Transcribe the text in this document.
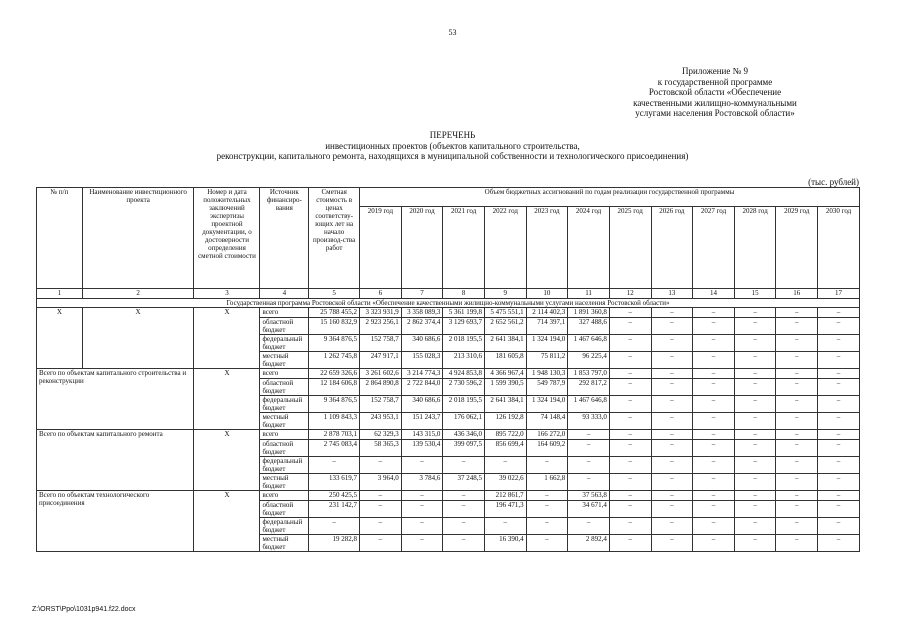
53
Приложение № 9
к государственной программе
Ростовской области «Обеспечение
качественными жилищно-коммунальными
услугами населения Ростовской области»
ПЕРЕЧЕНЬ
инвестиционных проектов (объектов капитального строительства,
реконструкции, капитального ремонта, находящихся в муниципальной собственности и технологического присоединения)
(тыс. рублей)
№ п/п	Наименование инвестиционного проекта	Номер и дата положительных заключений экспертизы проектной документации, о достоверности определения сметной стоимости	Источник финансиро-вания	Сметная стоимость в ценах соответству-ющих лет на начало производ-ства работ	Объем бюджетных ассигнований по годам реализации государственной программы											
					2019 год	2020 год	2021 год	2022 год	2023 год	2024 год	2025 год	2026 год	2027 год	2028 год	2029 год	2030 год
1	2	3	4	5	6	7	8	9	10	11	12	13	14	15	16	17
Государственная программа Ростовской области «Обеспечение качественными жилищно-коммунальными услугами населения Ростовской области»																
Х	Х	Х	всего	25 788 455,2	3 323 931,9	3 358 089,3	5 361 199,8	5 475 551,1	2 114 402,3	1 891 360,8	–	–	–	–	–	–
			областной бюджет	15 160 832,9	2 923 256,1	2 862 374,4	3 129 693,7	2 652 561,2	714 397,1	327 488,6	–	–	–	–	–	–
			федеральный бюджет	9 364 876,5	152 758,7	340 686,6	2 018 195,5	2 641 384,1	1 324 194,0	1 467 646,8	–	–	–	–	–	–
			местный бюджет	1 262 745,8	247 917,1	155 028,3	213 310,6	181 605,8	75 811,2	96 225,4	–	–	–	–	–	–
Всего по объектам капитального строительства и реконструкции		Х	всего	22 659 326,6	3 261 602,6	3 214 774,3	4 924 853,8	4 366 967,4	1 948 130,3	1 853 797,0	–	–	–	–	–	–
			областной бюджет	12 184 606,8	2 864 890,8	2 722 844,0	2 730 596,2	1 599 390,5	549 787,9	292 817,2	–	–	–	–	–	–
			федеральный бюджет	9 364 876,5	152 758,7	340 686,6	2 018 195,5	2 641 384,1	1 324 194,0	1 467 646,8	–	–	–	–	–	–
			местный бюджет	1 109 843,3	243 953,1	151 243,7	176 062,1	126 192,8	74 148,4	93 333,0	–	–	–	–	–	–
Всего по объектам капитального ремонта		Х	всего	2 878 703,1	62 329,3	143 315,0	436 346,0	895 722,0	166 272,0	–	–	–	–	–	–	–
			областной бюджет	2 745 083,4	58 365,3	139 530,4	399 097,5	856 699,4	164 609,2	–	–	–	–	–	–	–
			федеральный бюджет	–	–	–	–	–	–	–	–	–	–	–	–	–
			местный бюджет	133 619,7	3 964,0	3 784,6	37 248,5	39 022,6	1 662,8	–	–	–	–	–	–	–
Всего по объектам технологического присоединения		Х	всего	250 425,5	–	–	–	212 861,7	–	37 563,8	–	–	–	–	–	–
			областной бюджет	231 142,7	–	–	–	196 471,3	–	34 671,4	–	–	–	–	–	–
			федеральный бюджет	–	–	–	–	–	–	–	–	–	–	–	–	–
			местный бюджет	19 282,8	–	–	–	16 390,4	–	2 892,4	–	–	–	–	–	–
Z:\ORST\Ppo\1031p941.f22.docx
